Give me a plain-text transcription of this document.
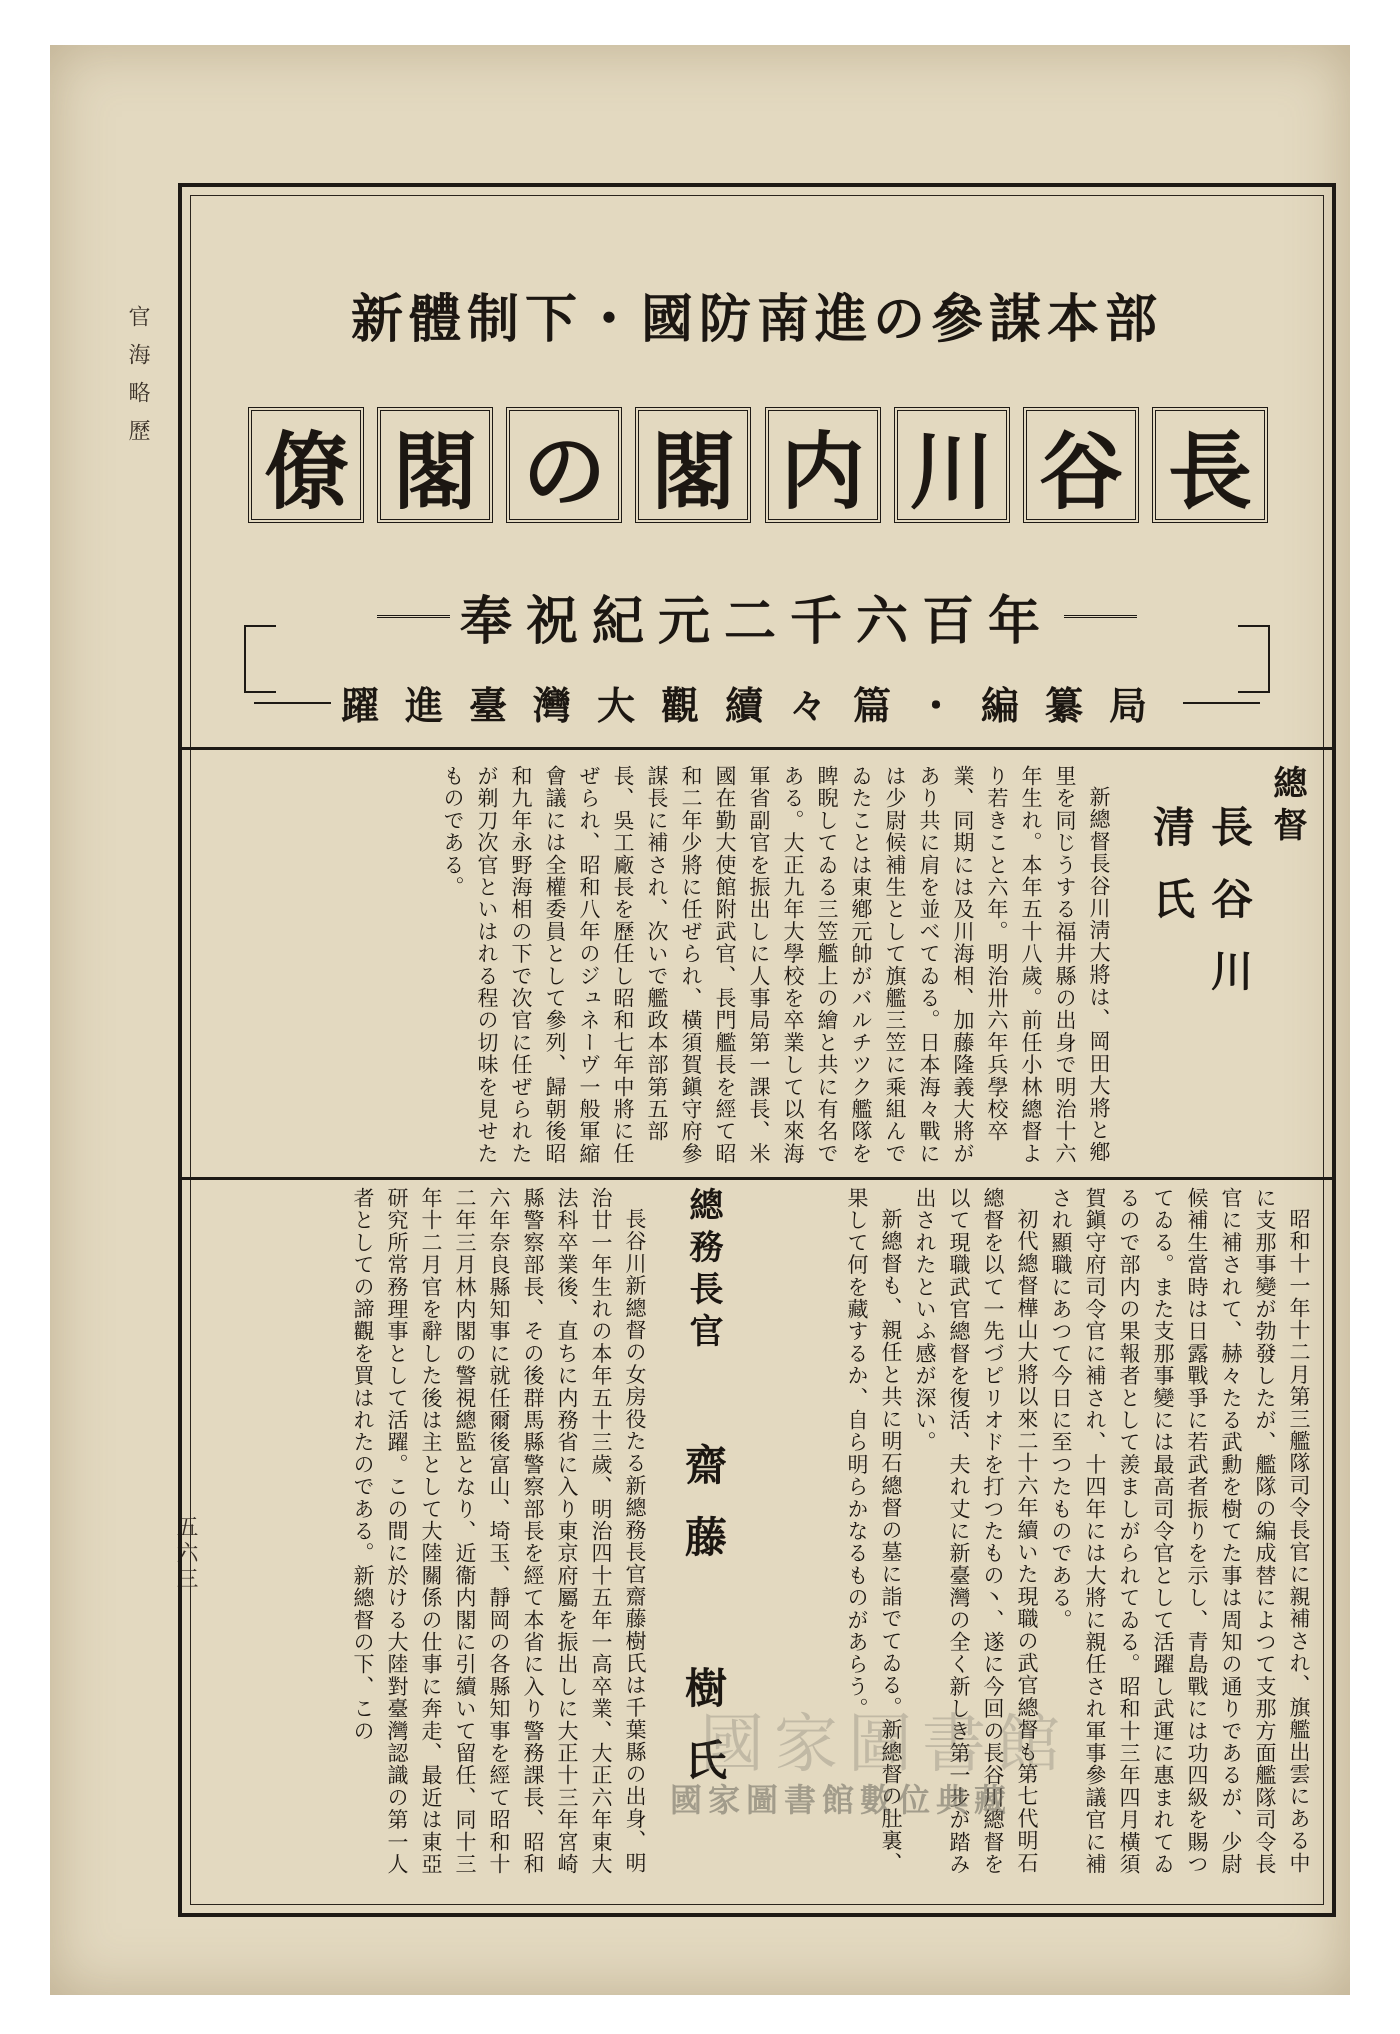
官海略歷
五六三
新體制下・國防南進の參謀本部
僚 閣 の 閣 内 川 谷 長
奉祝紀元二千六百年
躍進臺灣大觀續々篇・編纂局
總督 長谷川 清氏

新總督長谷川淸大將は、岡田大將と鄕里を同じうする福井縣の出身で明治十六年生れ。本年五十八歲。前任小林總督より若きこと六年。明治卅六年兵學校卒業、同期には及川海相、加藤隆義大將があり共に肩を並べてゐる。日本海々戰には少尉候補生として旗艦三笠に乘組んでゐたことは東鄕元帥がバルチツク艦隊を睥睨してゐる三笠艦上の繪と共に有名である。大正九年大學校を卒業して以來海軍省副官を振出しに人事局第一課長、米國在勤大使館附武官、長門艦長を經て昭和二年少將に任ぜられ、橫須賀鎭守府參謀長に補され、次いで艦政本部第五部長、吳工廠長を歷任し昭和七年中將に任ぜられ、昭和八年のジュネーヴ一般軍縮會議には全權委員として參列、歸朝後昭和九年永野海相の下で次官に任ぜられたが剃刀次官といはれる程の切味を見せたものである。

昭和十一年十二月第三艦隊司令長官に親補され、旗艦出雲にある中に支那事變が勃發したが、艦隊の編成替によつて支那方面艦隊司令長官に補されて、赫々たる武勳を樹てた事は周知の通りであるが、少尉候補生當時は日露戰爭に若武者振りを示し、青島戰には功四級を賜つてゐる。また支那事變には最高司令官として活躍し武運に惠まれてゐるので部内の果報者として羨ましがられてゐる。昭和十三年四月橫須賀鎭守府司令官に補され、十四年には大將に親任され軍事參議官に補され顯職にあつて今日に至つたものである。

初代總督樺山大將以來二十六年續いた現職の武官總督も第七代明石總督を以て一先づピリオドを打つたもの丶、遂に今回の長谷川總督を以て現職武官總督を復活、夫れ丈に新臺灣の全く新しき第一步が踏み出されたといふ感が深い。

新總督も、親任と共に明石總督の墓に詣でてゐる。新總督の肚裏、果して何を藏するか、自ら明らかなるものがあらう。

總務長官 齋藤 樹氏

長谷川新總督の女房役たる新總務長官齋藤樹氏は千葉縣の出身、明治廿一年生れの本年五十三歲、明治四十五年一高卒業、大正六年東大法科卒業後、直ちに内務省に入り東京府屬を振出しに大正十三年宮崎縣警察部長、その後群馬縣警察部長を經て本省に入り警務課長、昭和六年奈良縣知事に就任爾後富山、埼玉、靜岡の各縣知事を經て昭和十二年三月林内閣の警視總監となり、近衞内閣に引續いて留任、同十三年十二月官を辭した後は主として大陸關係の仕事に奔走、最近は東亞研究所常務理事として活躍。この間に於ける大陸對臺灣認識の第一人者としての諦觀を買はれたのである。新總督の下、この

國家圖書館
國家圖書館數位典藏
